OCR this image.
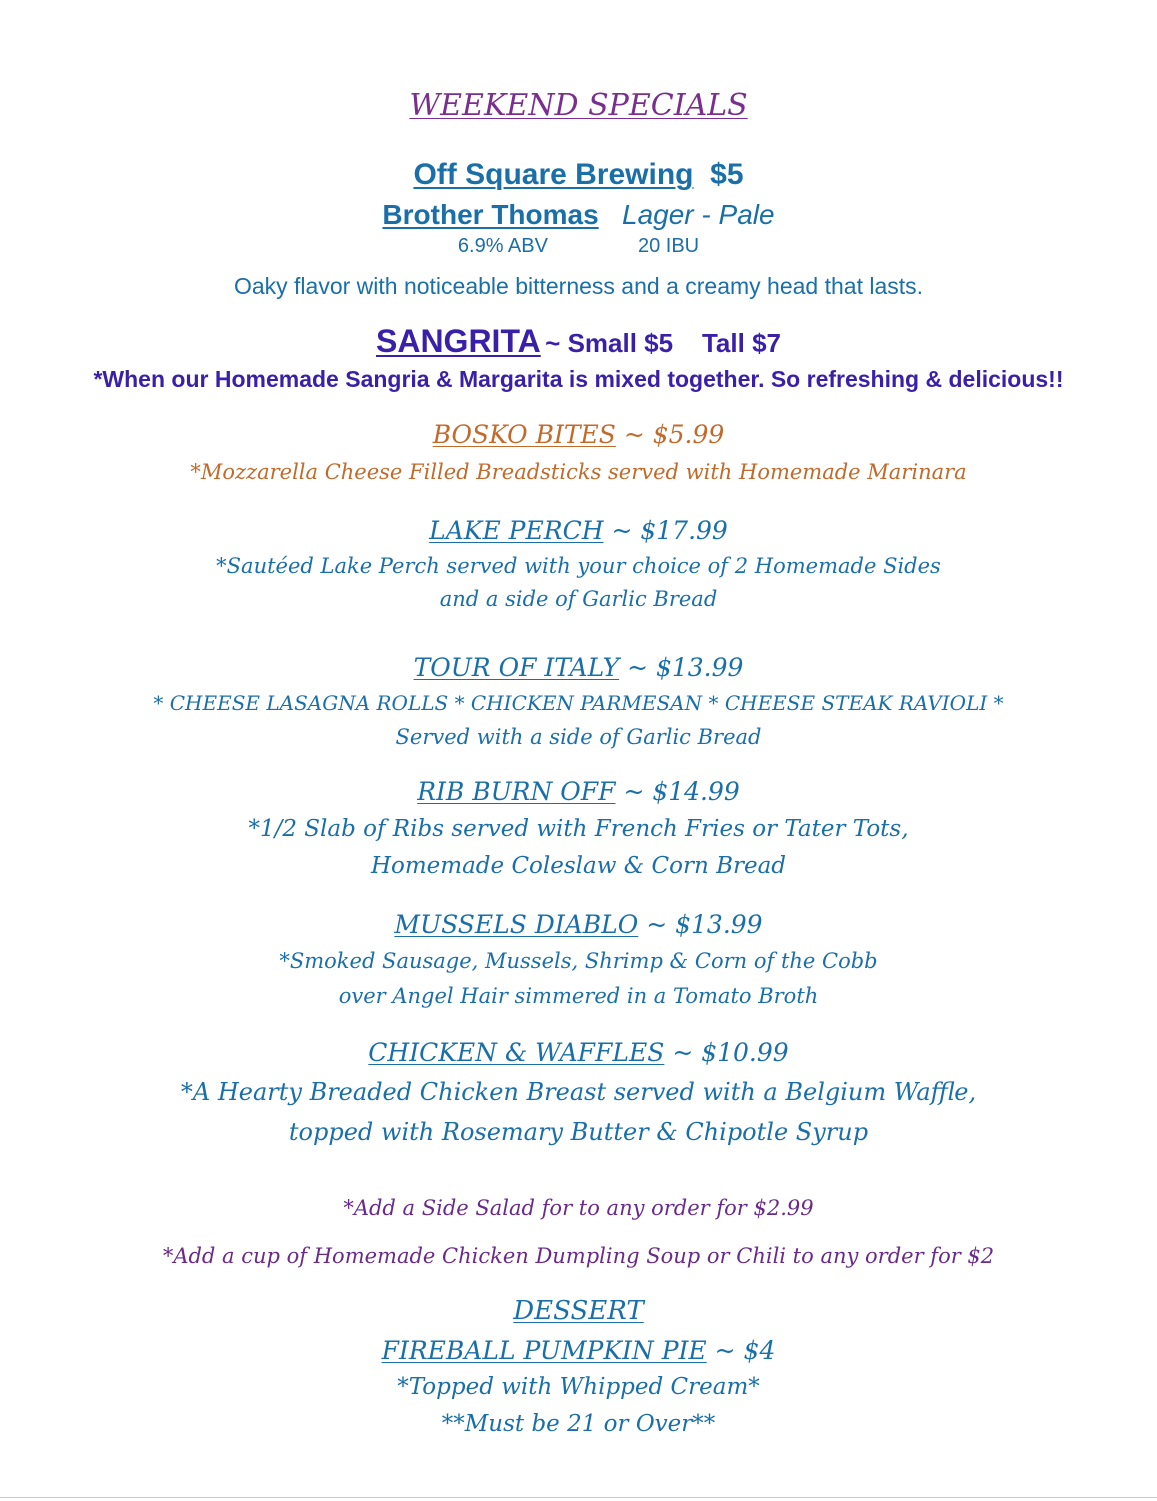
WEEKEND SPECIALS
Off Square Brewing $5
Brother Thomas Lager - Pale
6.9% ABV	20 IBU
Oaky flavor with noticeable bitterness and a creamy head that lasts.
SANGRITA ~ Small $5    Tall $7
*When our Homemade Sangria & Margarita is mixed together. So refreshing & delicious!!
BOSKO BITES ~ $5.99
*Mozzarella Cheese Filled Breadsticks served with Homemade Marinara
LAKE PERCH ~ $17.99
*Sautéed Lake Perch served with your choice of 2 Homemade Sides
and a side of Garlic Bread
TOUR OF ITALY ~ $13.99
* CHEESE LASAGNA ROLLS * CHICKEN PARMESAN * CHEESE STEAK RAVIOLI *
Served with a side of Garlic Bread
RIB BURN OFF ~ $14.99
*1/2 Slab of Ribs served with French Fries or Tater Tots,
Homemade Coleslaw & Corn Bread
MUSSELS DIABLO ~ $13.99
*Smoked Sausage, Mussels, Shrimp & Corn of the Cobb
over Angel Hair simmered in a Tomato Broth
CHICKEN & WAFFLES ~ $10.99
*A Hearty Breaded Chicken Breast served with a Belgium Waffle,
topped with Rosemary Butter & Chipotle Syrup
*Add a Side Salad for to any order for $2.99
*Add a cup of Homemade Chicken Dumpling Soup or Chili to any order for $2
DESSERT
FIREBALL PUMPKIN PIE ~ $4
*Topped with Whipped Cream*
**Must be 21 or Over**
